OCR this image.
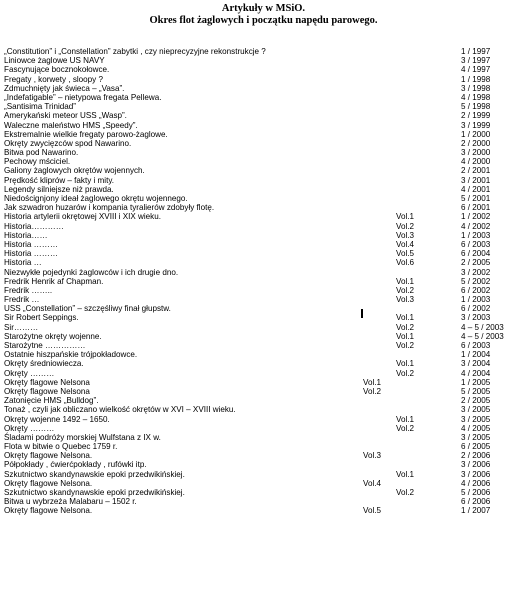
Artykuły w MSiO.
Okres flot żaglowych i początku napędu parowego.
„Constitution” i „Constellation” zabytki , czy nieprecyzyjne rekonstrukcje ?	1 / 1997
Liniowce żaglowe US NAVY	3 / 1997
Fascynujące bocznokołowce.	4 / 1997
Fregaty , korwety , sloopy ?	1 / 1998
Zdmuchnięty jak świeca – „Vasa”.	3 / 1998
„Indefatigable” – nietypowa fregata Pellewa.	4 / 1998
„Santisima Trinidad”	5 / 1998
Amerykański meteor USS „Wasp”.	2 / 1999
Waleczne maleństwo HMS „Speedy”.	3 / 1999
Ekstremalnie wielkie fregaty parowo-żaglowe.	1 / 2000
Okręty zwycięzców spod Nawarino.	2 / 2000
Bitwa pod Nawarino.	3 / 2000
Pechowy mściciel.	4 / 2000
Galiony żaglowych okrętów wojennych.	2 / 2001
Prędkość kliprów – fakty i mity.	3 / 2001
Legendy silniejsze niż prawda.	4 / 2001
Niedoścignjony ideał żaglowego okrętu wojennego.	5 / 2001
Jak szwadron huzarów i kompania tyralierów zdobyły flotę.	6 / 2001
Historia artylerii okrętowej XVIII i XIX wieku.	Vol.1	1 / 2002
Historia…………	Vol.2	4 / 2002
Historia……	Vol.3	1 / 2003
Historia ………	Vol.4	6 / 2003
Historia ………	Vol.5	6 / 2004
Historia …	Vol.6	2 / 2005
Niezwykłe pojedynki żaglowców i ich drugie dno.	3 / 2002
Fredrik Henrik af Chapman.	Vol.1	5 / 2002
Fredrik ……..	Vol.2	6 / 2002
Fredrik …	Vol.3	1 / 2003
USS „Constellation” – szczęśliwy finał głupstw.	6 / 2002
Sir Robert Seppings.	Vol.1	3 / 2003
Sir………	Vol.2	4 – 5 / 2003
Starożytne okręty wojenne.	Vol.1	4 – 5 / 2003
Starożytne ……………	Vol.2	6 / 2003
Ostatnie hiszpańskie trójpokładowce.	1 / 2004
Okręty średniowiecza.	Vol.1	3 / 2004
Okręty ………	Vol.2	4 / 2004
Okręty flagowe Nelsona	Vol.1	1 / 2005
Okręty flagowe Nelsona	Vol.2	5 / 2005
Zatonięcie HMS „Bulldog”.	2 / 2005
Tonaż , czyli jak obliczano wielkość okrętów w XVI – XVIII wieku.	3 / 2005
Okręty wojenne 1492 – 1650.	Vol.1	3 / 2005
Okręty ………	Vol.2	4 / 2005
Śladami podróży morskiej Wulfstana z IX w.	3 / 2005
Flota w bitwie o Quebec 1759 r.	6 / 2005
Okręty flagowe Nelsona.	Vol.3	2 / 2006
Półpokłady , ćwierćpokłady , rufówki itp.	3 / 2006
Szkutnictwo skandynawskie epoki przedwikińskiej.	Vol.1	3 / 2006
Okręty flagowe Nelsona.	Vol.4	4 / 2006
Szkutnictwo skandynawskie epoki przedwikińskiej.	Vol.2	5 / 2006
Bitwa u wybrzeża Malabaru – 1502 r.	6 / 2006
Okręty flagowe Nelsona.	Vol.5	1 / 2007
